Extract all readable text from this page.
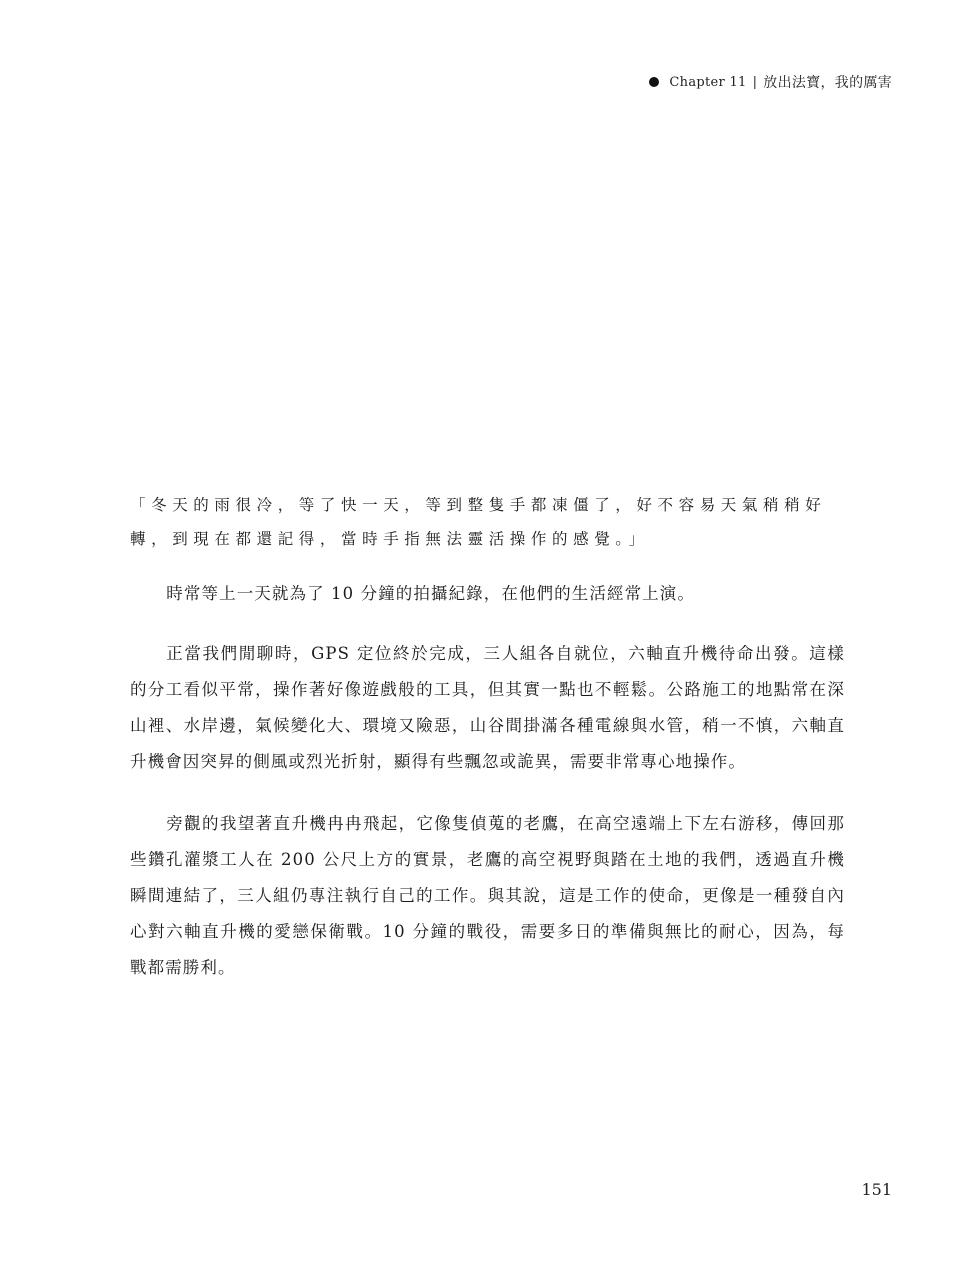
Chapter 11 | 放出法寶，我的厲害

「冬天的雨很冷，等了快一天，等到整隻手都凍僵了，好不容易天氣稍稍好轉，到現在都還記得，當時手指無法靈活操作的感覺。」

時常等上一天就為了 10 分鐘的拍攝紀錄，在他們的生活經常上演。

正當我們閒聊時，GPS 定位終於完成，三人組各自就位，六軸直升機待命出發。這樣的分工看似平常，操作著好像遊戲般的工具，但其實一點也不輕鬆。公路施工的地點常在深山裡、水岸邊，氣候變化大、環境又險惡，山谷間掛滿各種電線與水管，稍一不慎，六軸直升機會因突昇的側風或烈光折射，顯得有些飄忽或詭異，需要非常專心地操作。

旁觀的我望著直升機冉冉飛起，它像隻偵蒐的老鷹，在高空遠端上下左右游移，傳回那些鑽孔灌漿工人在 200 公尺上方的實景，老鷹的高空視野與踏在土地的我們，透過直升機瞬間連結了，三人組仍專注執行自己的工作。與其說，這是工作的使命，更像是一種發自內心對六軸直升機的愛戀保衛戰。10 分鐘的戰役，需要多日的準備與無比的耐心，因為，每戰都需勝利。

151
